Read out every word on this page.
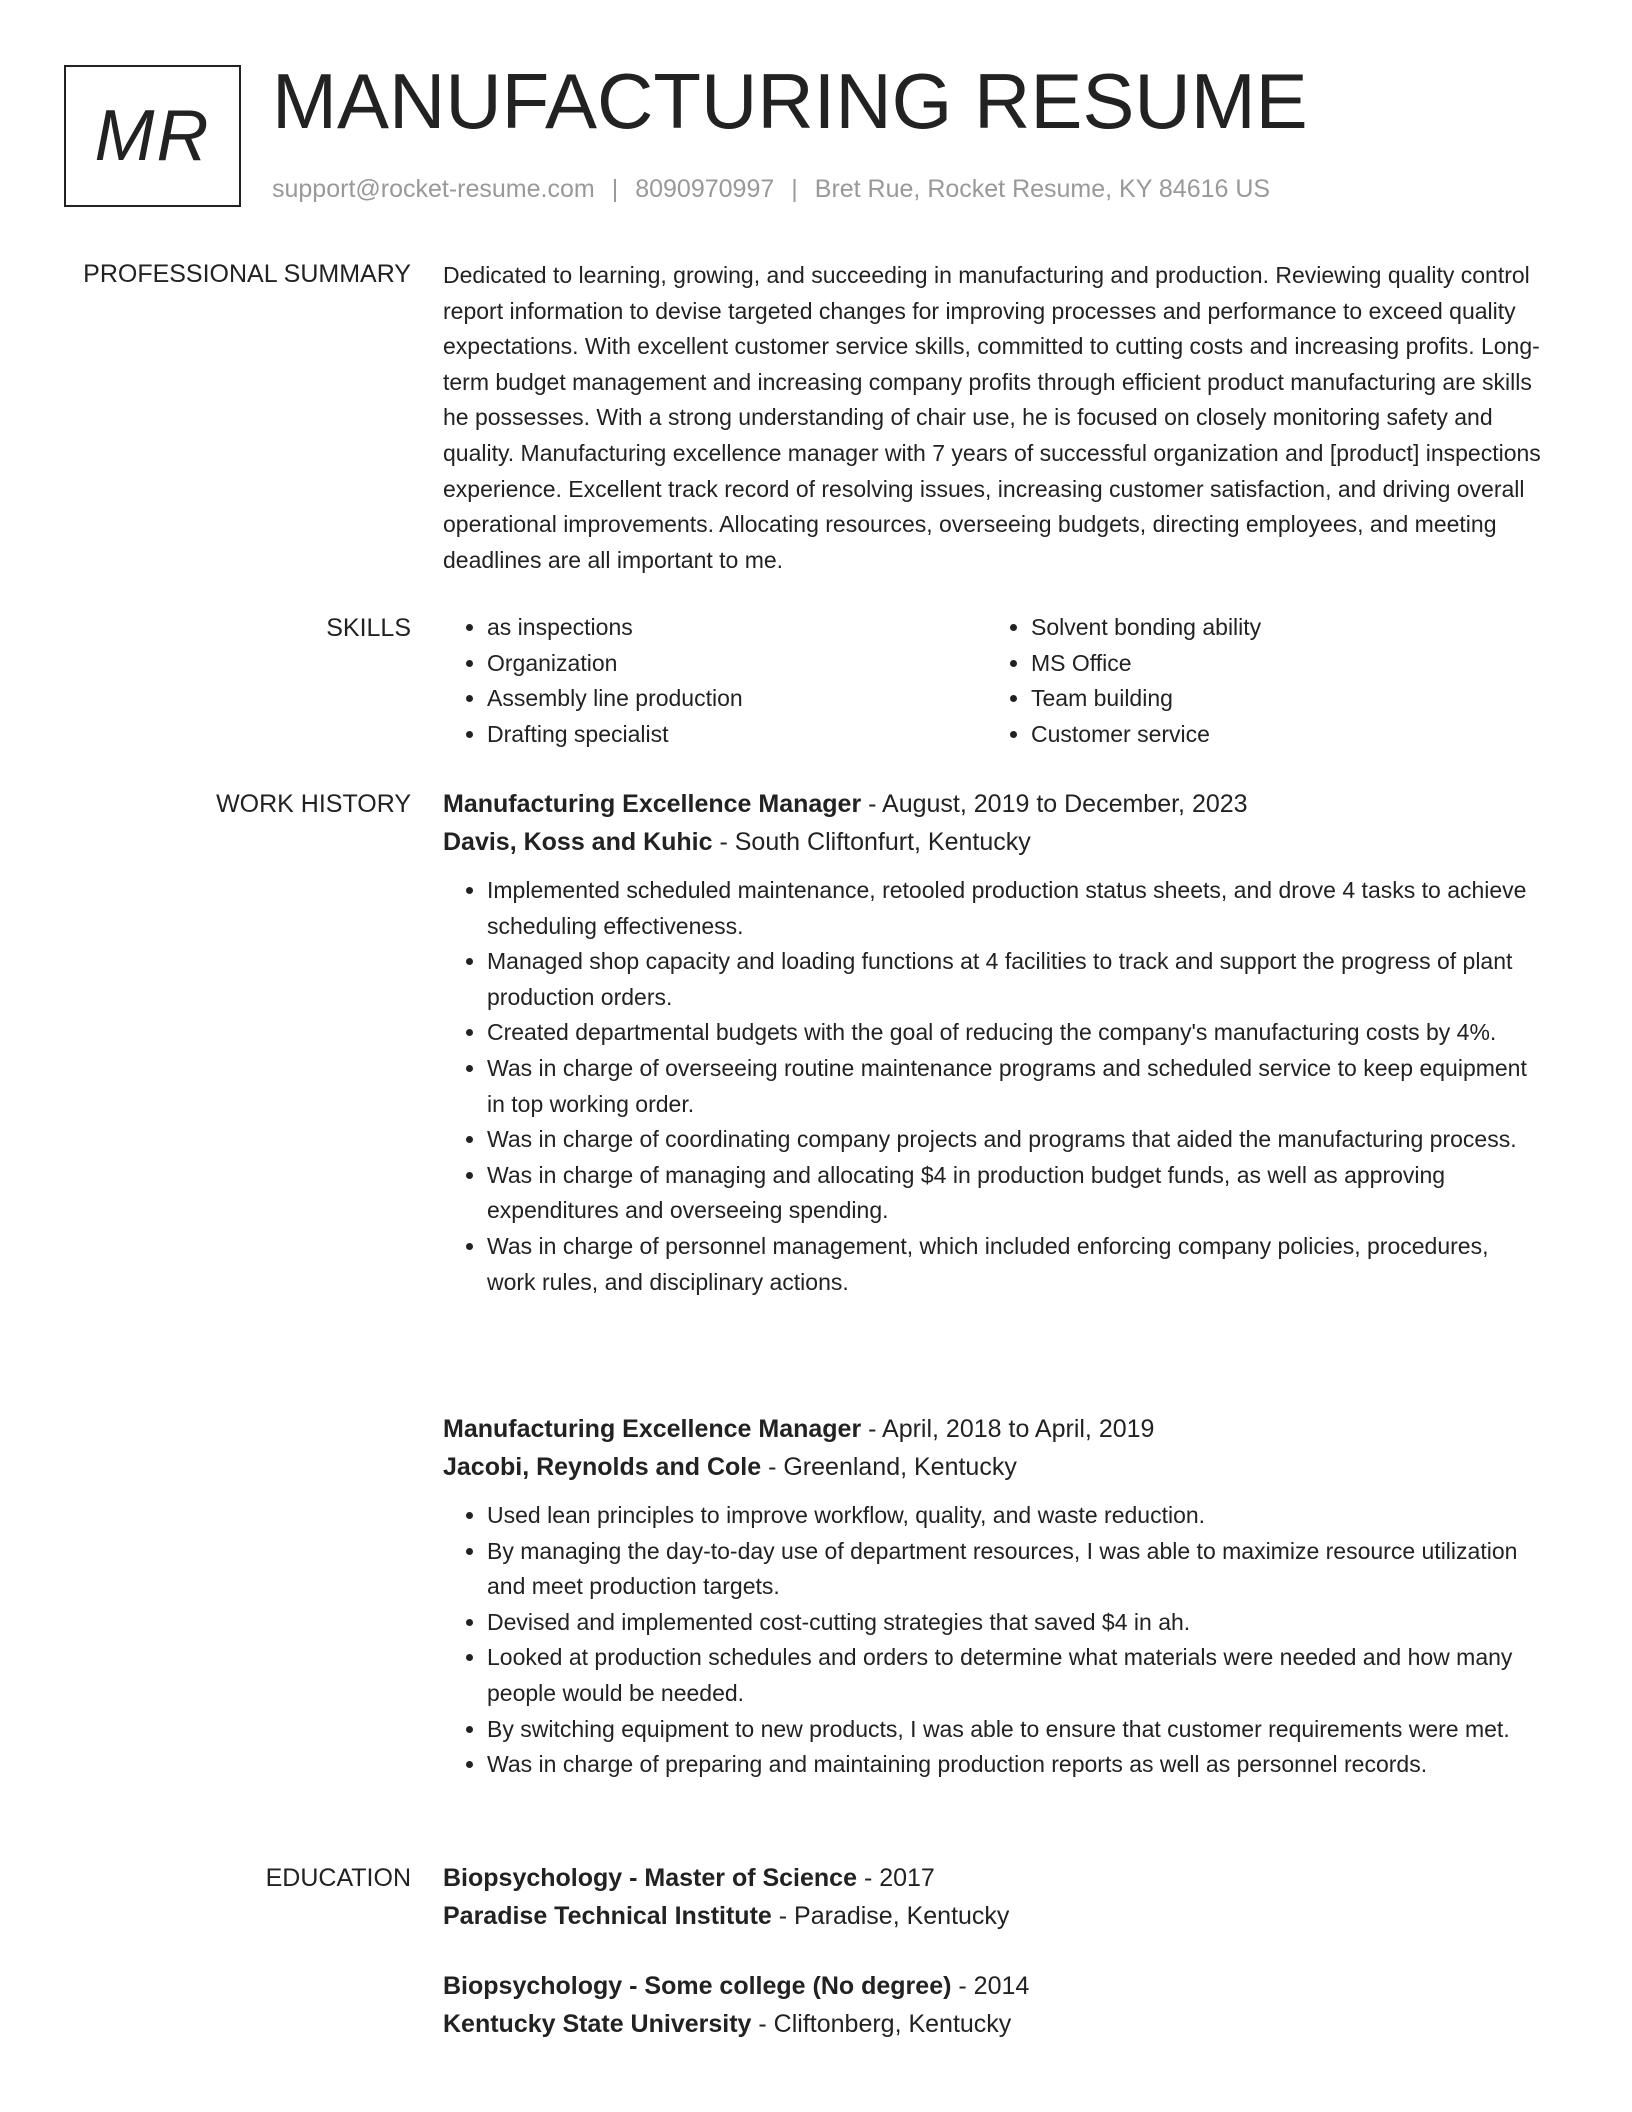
MR MANUFACTURING RESUME
support@rocket-resume.com | 8090970997 | Bret Rue, Rocket Resume, KY 84616 US
PROFESSIONAL SUMMARY Dedicated to learning, growing, and succeeding in manufacturing and production. Reviewing quality control report information to devise targeted changes for improving processes and performance to exceed quality expectations. With excellent customer service skills, committed to cutting costs and increasing profits. Long-term budget management and increasing company profits through efficient product manufacturing are skills he possesses. With a strong understanding of chair use, he is focused on closely monitoring safety and quality. Manufacturing excellence manager with 7 years of successful organization and [product] inspections experience. Excellent track record of resolving issues, increasing customer satisfaction, and driving overall operational improvements. Allocating resources, overseeing budgets, directing employees, and meeting deadlines are all important to me.

SKILLS
•	as inspections
• Organization
• Assembly line production
• Drafting specialist
• Solvent bonding ability
• MS Office
• Team building
• Customer service
WORK HISTORY Manufacturing Excellence Manager - August, 2019 to December, 2023
Davis, Koss and Kuhic - South Cliftonfurt, Kentucky
• Implemented scheduled maintenance, retooled production status sheets, and drove 4 tasks to achieve scheduling effectiveness.
• Managed shop capacity and loading functions at 4 facilities to track and support the progress of plant production orders.
• Created departmental budgets with the goal of reducing the company's manufacturing costs by 4%.
• Was in charge of overseeing routine maintenance programs and scheduled service to keep equipment in top working order.
• Was in charge of coordinating company projects and programs that aided the manufacturing process.
• Was in charge of managing and allocating $4 in production budget funds, as well as approving expenditures and overseeing spending.
• Was in charge of personnel management, which included enforcing company policies, procedures, work rules, and disciplinary actions.
Manufacturing Excellence Manager - April, 2018 to April, 2019
Jacobi, Reynolds and Cole - Greenland, Kentucky
• Used lean principles to improve workflow, quality, and waste reduction.
• By managing the day-to-day use of department resources, I was able to maximize resource utilization and meet production targets.
• Devised and implemented cost-cutting strategies that saved $4 in ah.
• Looked at production schedules and orders to determine what materials were needed and how many people would be needed.
• By switching equipment to new products, I was able to ensure that customer requirements were met.
• Was in charge of preparing and maintaining production reports as well as personnel records.
EDUCATION Biopsychology - Master of Science - 2017
Paradise Technical Institute - Paradise, Kentucky
Biopsychology - Some college (No degree) - 2014
Kentucky State University - Cliftonberg, Kentucky
